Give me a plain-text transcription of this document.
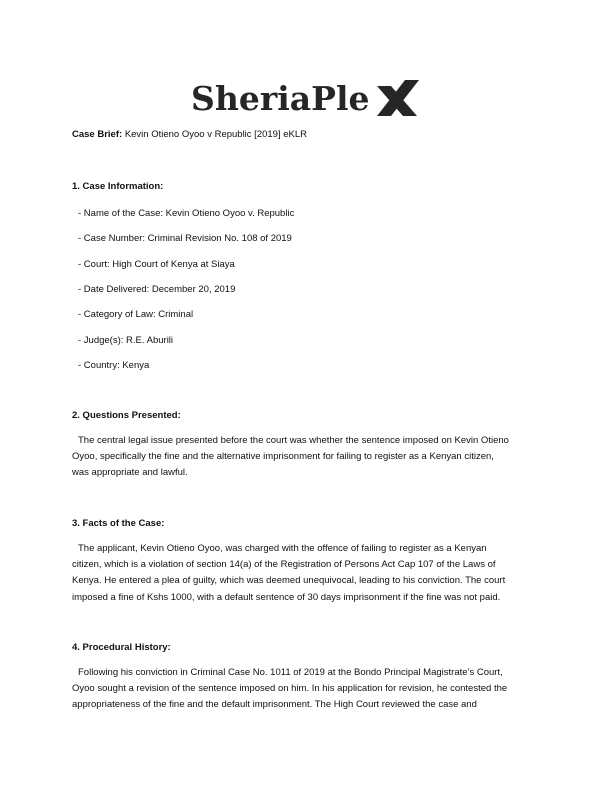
SheriaPle
Case Brief: Kevin Otieno Oyoo v Republic [2019] eKLR
1. Case Information:
- Name of the Case: Kevin Otieno Oyoo v. Republic
- Case Number: Criminal Revision No. 108 of 2019
- Court: High Court of Kenya at Siaya
- Date Delivered: December 20, 2019
- Category of Law: Criminal
- Judge(s): R.E. Aburili
- Country: Kenya
2. Questions Presented:

The central legal issue presented before the court was whether the sentence imposed on Kevin Otieno

Oyoo, specifically the fine and the alternative imprisonment for failing to register as a Kenyan citizen,
was appropriate and lawful.
3. Facts of the Case:

The applicant, Kevin Otieno Oyoo, was charged with the offence of failing to register as a Kenyan

citizen, which is a violation of section 14(a) of the Registration of Persons Act Cap 107 of the Laws of
Kenya. He entered a plea of guilty, which was deemed unequivocal, leading to his conviction. The court
imposed a fine of Kshs 1000, with a default sentence of 30 days imprisonment if the fine was not paid.
4. Procedural History:

Following his conviction in Criminal Case No. 1011 of 2019 at the Bondo Principal Magistrate’s Court,

Oyoo sought a revision of the sentence imposed on him. In his application for revision, he contested the
appropriateness of the fine and the default imprisonment. The High Court reviewed the case and
